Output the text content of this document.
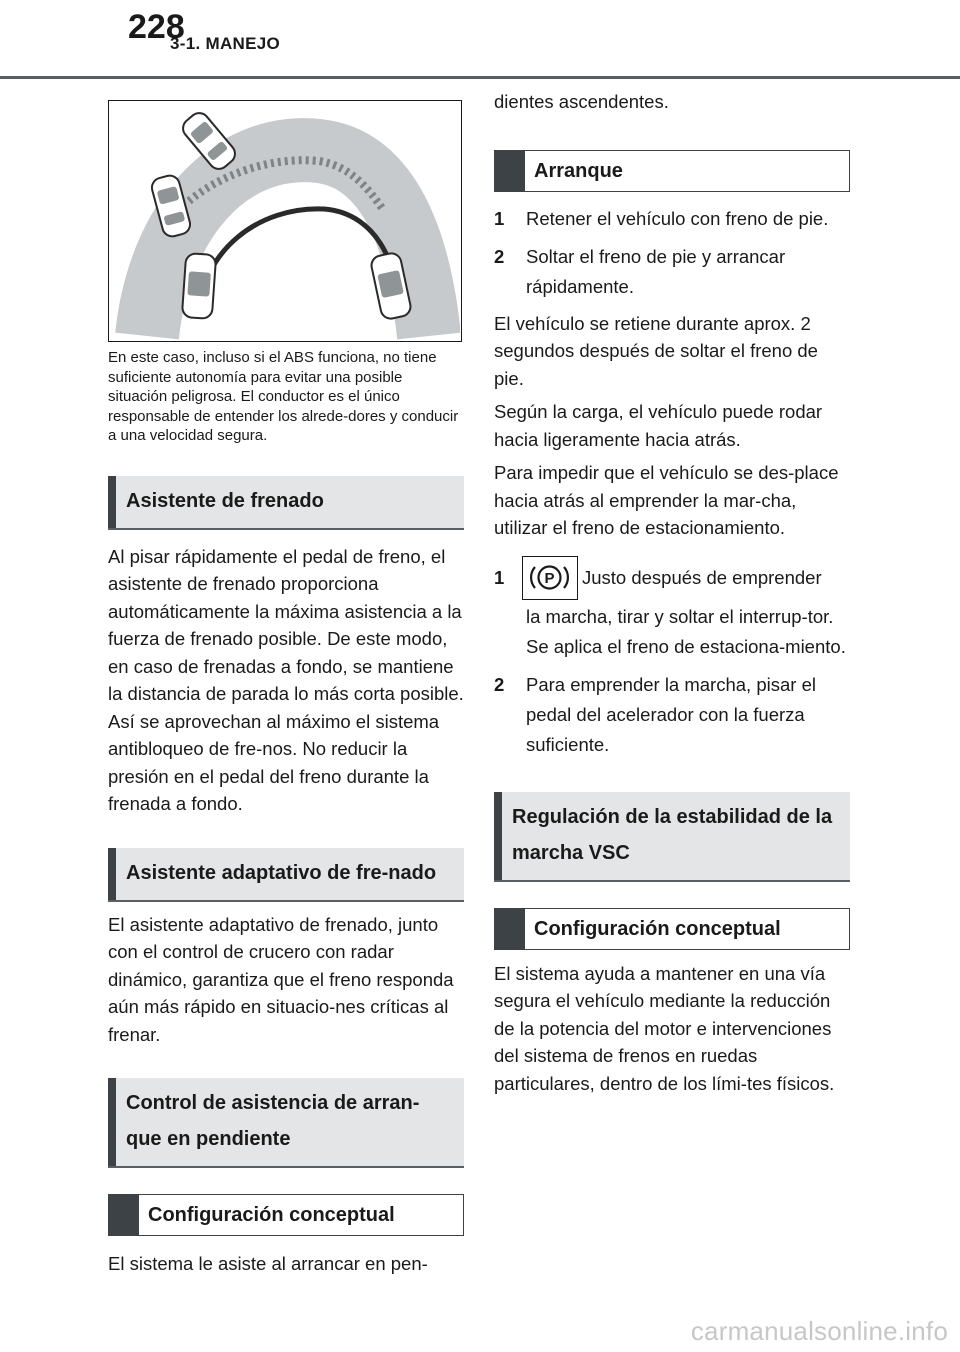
228
3-1. MANEJO

En este caso, incluso si el ABS funciona, no tiene suficiente autonomía para evitar una posible situación peligrosa. El conductor es el único responsable de entender los alrede-dores y conducir a una velocidad segura.

Asistente de frenado

Al pisar rápidamente el pedal de freno, el asistente de frenado proporciona automáticamente la máxima asistencia a la fuerza de frenado posible. De este modo, en caso de frenadas a fondo, se mantiene la distancia de parada lo más corta posible. Así se aprovechan al máximo el sistema antibloqueo de fre-nos. No reducir la presión en el pedal del freno durante la frenada a fondo.

Asistente adaptativo de fre-nado

El asistente adaptativo de frenado, junto con el control de crucero con radar dinámico, garantiza que el freno responda aún más rápido en situacio-nes críticas al frenar.

Control de asistencia de arran-que en pendiente
Configuración conceptual

El sistema le asiste al arrancar en pen-

dientes ascendentes.

Arranque
1	Retener el vehículo con freno de pie.
2	Soltar el freno de pie y arrancar rápidamente.

El vehículo se retiene durante aprox. 2 segundos después de soltar el freno de pie.

Según la carga, el vehículo puede rodar hacia ligeramente hacia atrás.

Para impedir que el vehículo se des-place hacia atrás al emprender la mar-cha, utilizar el freno de estacionamiento.

1	P Justo después de emprender
la marcha, tirar y soltar el interrup-tor.
Se aplica el freno de estaciona-miento.
2	Para emprender la marcha, pisar el pedal del acelerador con la fuerza suficiente.
Regulación de la estabilidad de la marcha VSC
Configuración conceptual

El sistema ayuda a mantener en una vía segura el vehículo mediante la reducción de la potencia del motor e intervenciones del sistema de frenos en ruedas particulares, dentro de los lími-tes físicos.

carmanualsonline.info
